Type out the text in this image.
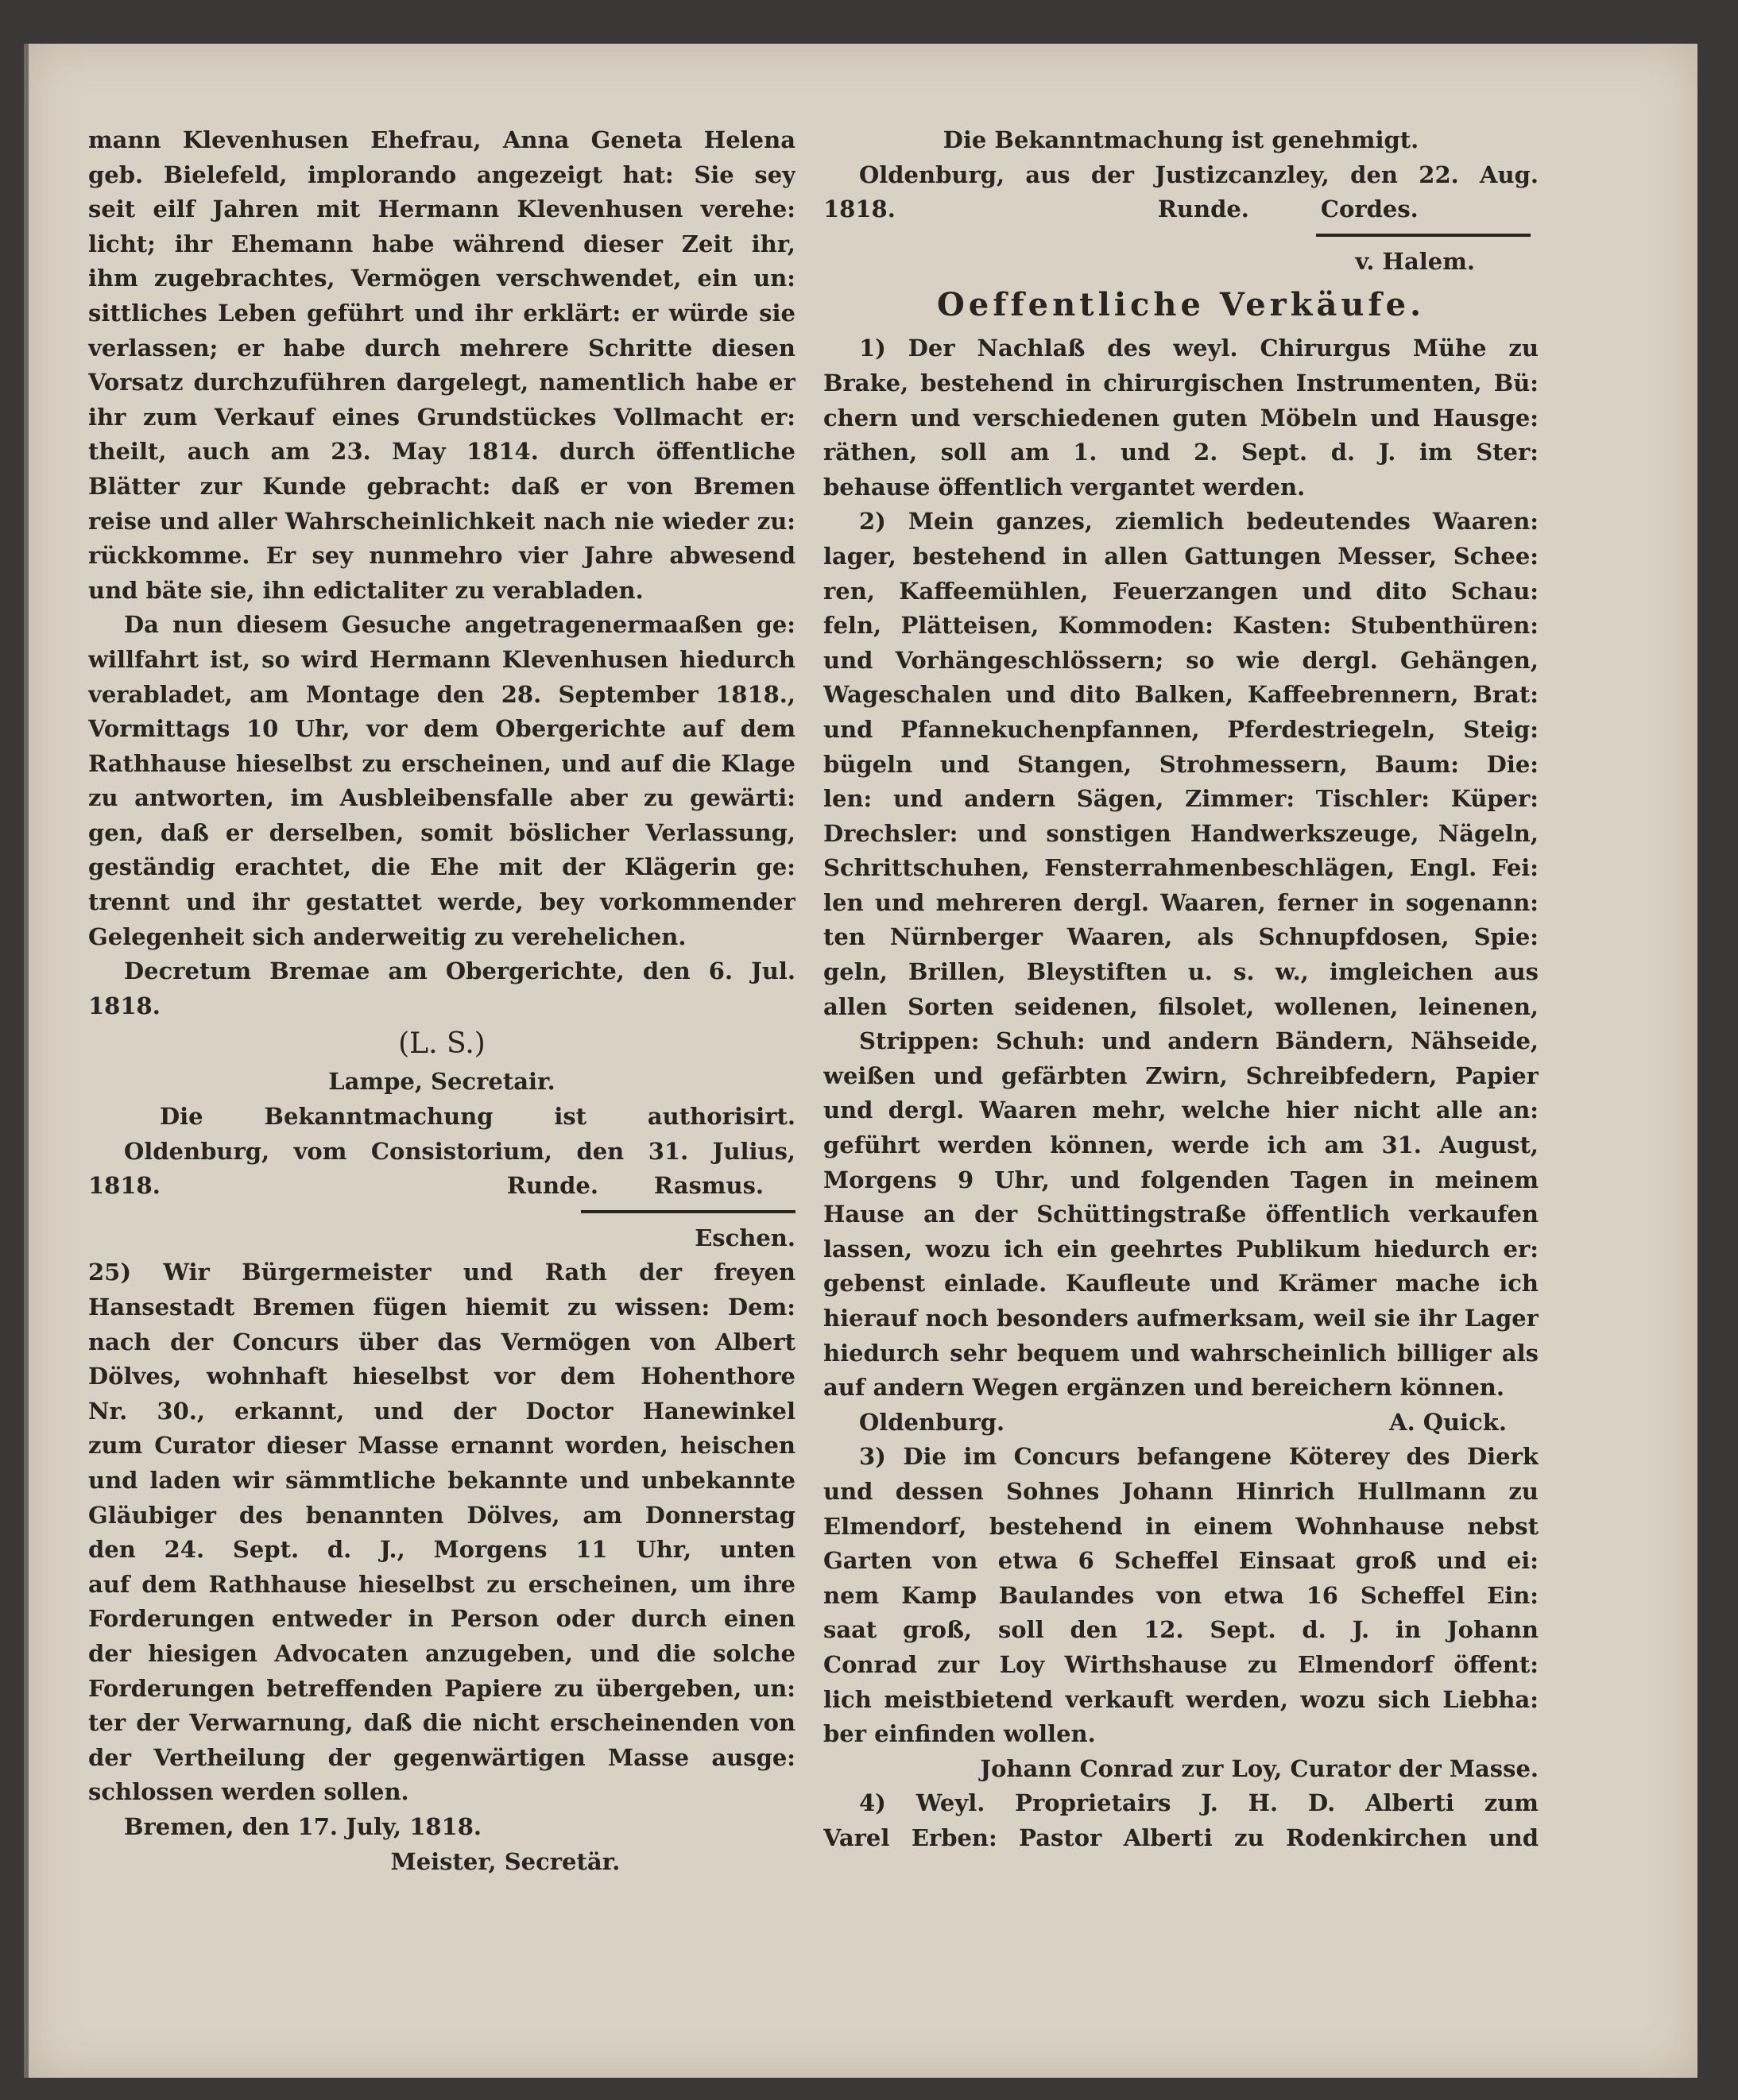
mann Klevenhusen Ehefrau, Anna Geneta Helena
geb. Bielefeld, implorando angezeigt hat: Sie sey
seit eilf Jahren mit Hermann Klevenhusen verehe:
licht; ihr Ehemann habe während dieser Zeit ihr,
ihm zugebrachtes, Vermögen verschwendet, ein un:
sittliches Leben geführt und ihr erklärt: er würde sie
verlassen; er habe durch mehrere Schritte diesen
Vorsatz durchzuführen dargelegt, namentlich habe er
ihr zum Verkauf eines Grundstückes Vollmacht er:
theilt, auch am 23. May 1814. durch öffentliche
Blätter zur Kunde gebracht: daß er von Bremen
reise und aller Wahrscheinlichkeit nach nie wieder zu:
rückkomme. Er sey nunmehro vier Jahre abwesend
und bäte sie, ihn edictaliter zu verabladen.
Da nun diesem Gesuche angetragenermaaßen ge:
willfahrt ist, so wird Hermann Klevenhusen hiedurch
verabladet, am Montage den 28. September 1818.,
Vormittags 10 Uhr, vor dem Obergerichte auf dem
Rathhause hieselbst zu erscheinen, und auf die Klage
zu antworten, im Ausbleibensfalle aber zu gewärti:
gen, daß er derselben, somit böslicher Verlassung,
geständig erachtet, die Ehe mit der Klägerin ge:
trennt und ihr gestattet werde, bey vorkommender
Gelegenheit sich anderweitig zu verehelichen.
Decretum Bremae am Obergerichte, den 6. Jul.
1818.
(L. S.)
Lampe, Secretair.
Die Bekanntmachung ist authorisirt.
Oldenburg, vom Consistorium, den 31. Julius,
1818.	Runde. Rasmus.
Eschen.
25) Wir Bürgermeister und Rath der freyen
Hansestadt Bremen fügen hiemit zu wissen: Dem:
nach der Concurs über das Vermögen von Albert
Dölves, wohnhaft hieselbst vor dem Hohenthore
Nr. 30., erkannt, und der Doctor Hanewinkel
zum Curator dieser Masse ernannt worden, heischen
und laden wir sämmtliche bekannte und unbekannte
Gläubiger des benannten Dölves, am Donnerstag
den 24. Sept. d. J., Morgens 11 Uhr, unten
auf dem Rathhause hieselbst zu erscheinen, um ihre
Forderungen entweder in Person oder durch einen
der hiesigen Advocaten anzugeben, und die solche
Forderungen betreffenden Papiere zu übergeben, un:
ter der Verwarnung, daß die nicht erscheinenden von
der Vertheilung der gegenwärtigen Masse ausge:
schlossen werden sollen.
Bremen, den 17. July, 1818.
Meister, Secretär.
Die Bekanntmachung ist genehmigt.
Oldenburg, aus der Justizcanzley, den 22. Aug.
1818.	Runde.	Cordes.
v. Halem.
Oeffentliche Verkäufe.
1) Der Nachlaß des weyl. Chirurgus Mühe zu
Brake, bestehend in chirurgischen Instrumenten, Bü:
chern und verschiedenen guten Möbeln und Hausge:
räthen, soll am 1. und 2. Sept. d. J. im Ster:
behause öffentlich vergantet werden.
2) Mein ganzes, ziemlich bedeutendes Waaren:
lager, bestehend in allen Gattungen Messer, Schee:
ren, Kaffeemühlen, Feuerzangen und dito Schau:
feln, Plätteisen, Kommoden: Kasten: Stubenthüren:
und Vorhängeschlössern; so wie dergl. Gehängen,
Wageschalen und dito Balken, Kaffeebrennern, Brat:
und Pfannekuchenpfannen, Pferdestriegeln, Steig:
bügeln und Stangen, Strohmessern, Baum: Die:
len: und andern Sägen, Zimmer: Tischler: Küper:
Drechsler: und sonstigen Handwerkszeuge, Nägeln,
Schrittschuhen, Fensterrahmenbeschlägen, Engl. Fei:
len und mehreren dergl. Waaren, ferner in sogenann:
ten Nürnberger Waaren, als Schnupfdosen, Spie:
geln, Brillen, Bleystiften u. s. w., imgleichen aus
allen Sorten seidenen, filsolet, wollenen, leinenen,
Strippen: Schuh: und andern Bändern, Nähseide,
weißen und gefärbten Zwirn, Schreibfedern, Papier
und dergl. Waaren mehr, welche hier nicht alle an:
geführt werden können, werde ich am 31. August,
Morgens 9 Uhr, und folgenden Tagen in meinem
Hause an der Schüttingstraße öffentlich verkaufen
lassen, wozu ich ein geehrtes Publikum hiedurch er:
gebenst einlade. Kaufleute und Krämer mache ich
hierauf noch besonders aufmerksam, weil sie ihr Lager
hiedurch sehr bequem und wahrscheinlich billiger als
auf andern Wegen ergänzen und bereichern können.
Oldenburg.	A. Quick.
3) Die im Concurs befangene Köterey des Dierk
und dessen Sohnes Johann Hinrich Hullmann zu
Elmendorf, bestehend in einem Wohnhause nebst
Garten von etwa 6 Scheffel Einsaat groß und ei:
nem Kamp Baulandes von etwa 16 Scheffel Ein:
saat groß, soll den 12. Sept. d. J. in Johann
Conrad zur Loy Wirthshause zu Elmendorf öffent:
lich meistbietend verkauft werden, wozu sich Liebha:
ber einfinden wollen.
Johann Conrad zur Loy, Curator der Masse.
4) Weyl. Proprietairs J. H. D. Alberti zum
Varel Erben: Pastor Alberti zu Rodenkirchen und
